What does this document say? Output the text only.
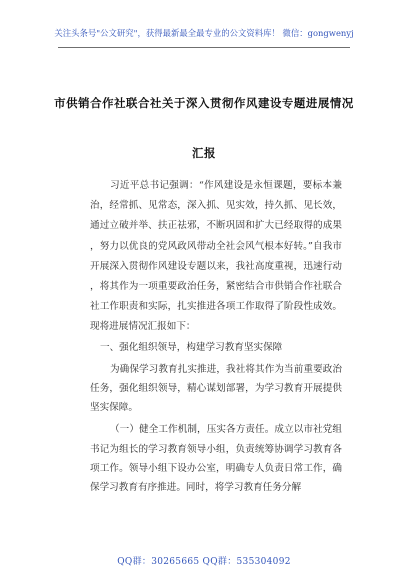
关注头条号"公文研究"，获得最新最全最专业的公文资料库！ 微信：gongwenyj
市供销合作社联合社关于深入贯彻作风建设专题进展情况
汇报

习近平总书记强调：“作风建设是永恒课题，要标本兼治，经常抓、见常态，深入抓、见实效，持久抓、见长效，通过立破并举、扶正祛邪，不断巩固和扩大已经取得的成果，努力以优良的党风政风带动全社会风气根本好转。”自我市开展深入贯彻作风建设专题以来，我社高度重视，迅速行动，将其作为一项重要政治任务，紧密结合市供销合作社联合社工作职责和实际，扎实推进各项工作取得了阶段性成效。现将进展情况汇报如下：

一、强化组织领导，构建学习教育坚实保障

为确保学习教育扎实推进，我社将其作为当前重要政治任务，强化组织领导，精心谋划部署，为学习教育开展提供坚实保障。

（一）健全工作机制，压实各方责任。成立以市社党组书记为组长的学习教育领导小组，负责统筹协调学习教育各项工作。领导小组下设办公室，明确专人负责日常工作，确保学习教育有序推进。同时，将学习教育任务分解

QQ群：30265665 QQ群：535304092
